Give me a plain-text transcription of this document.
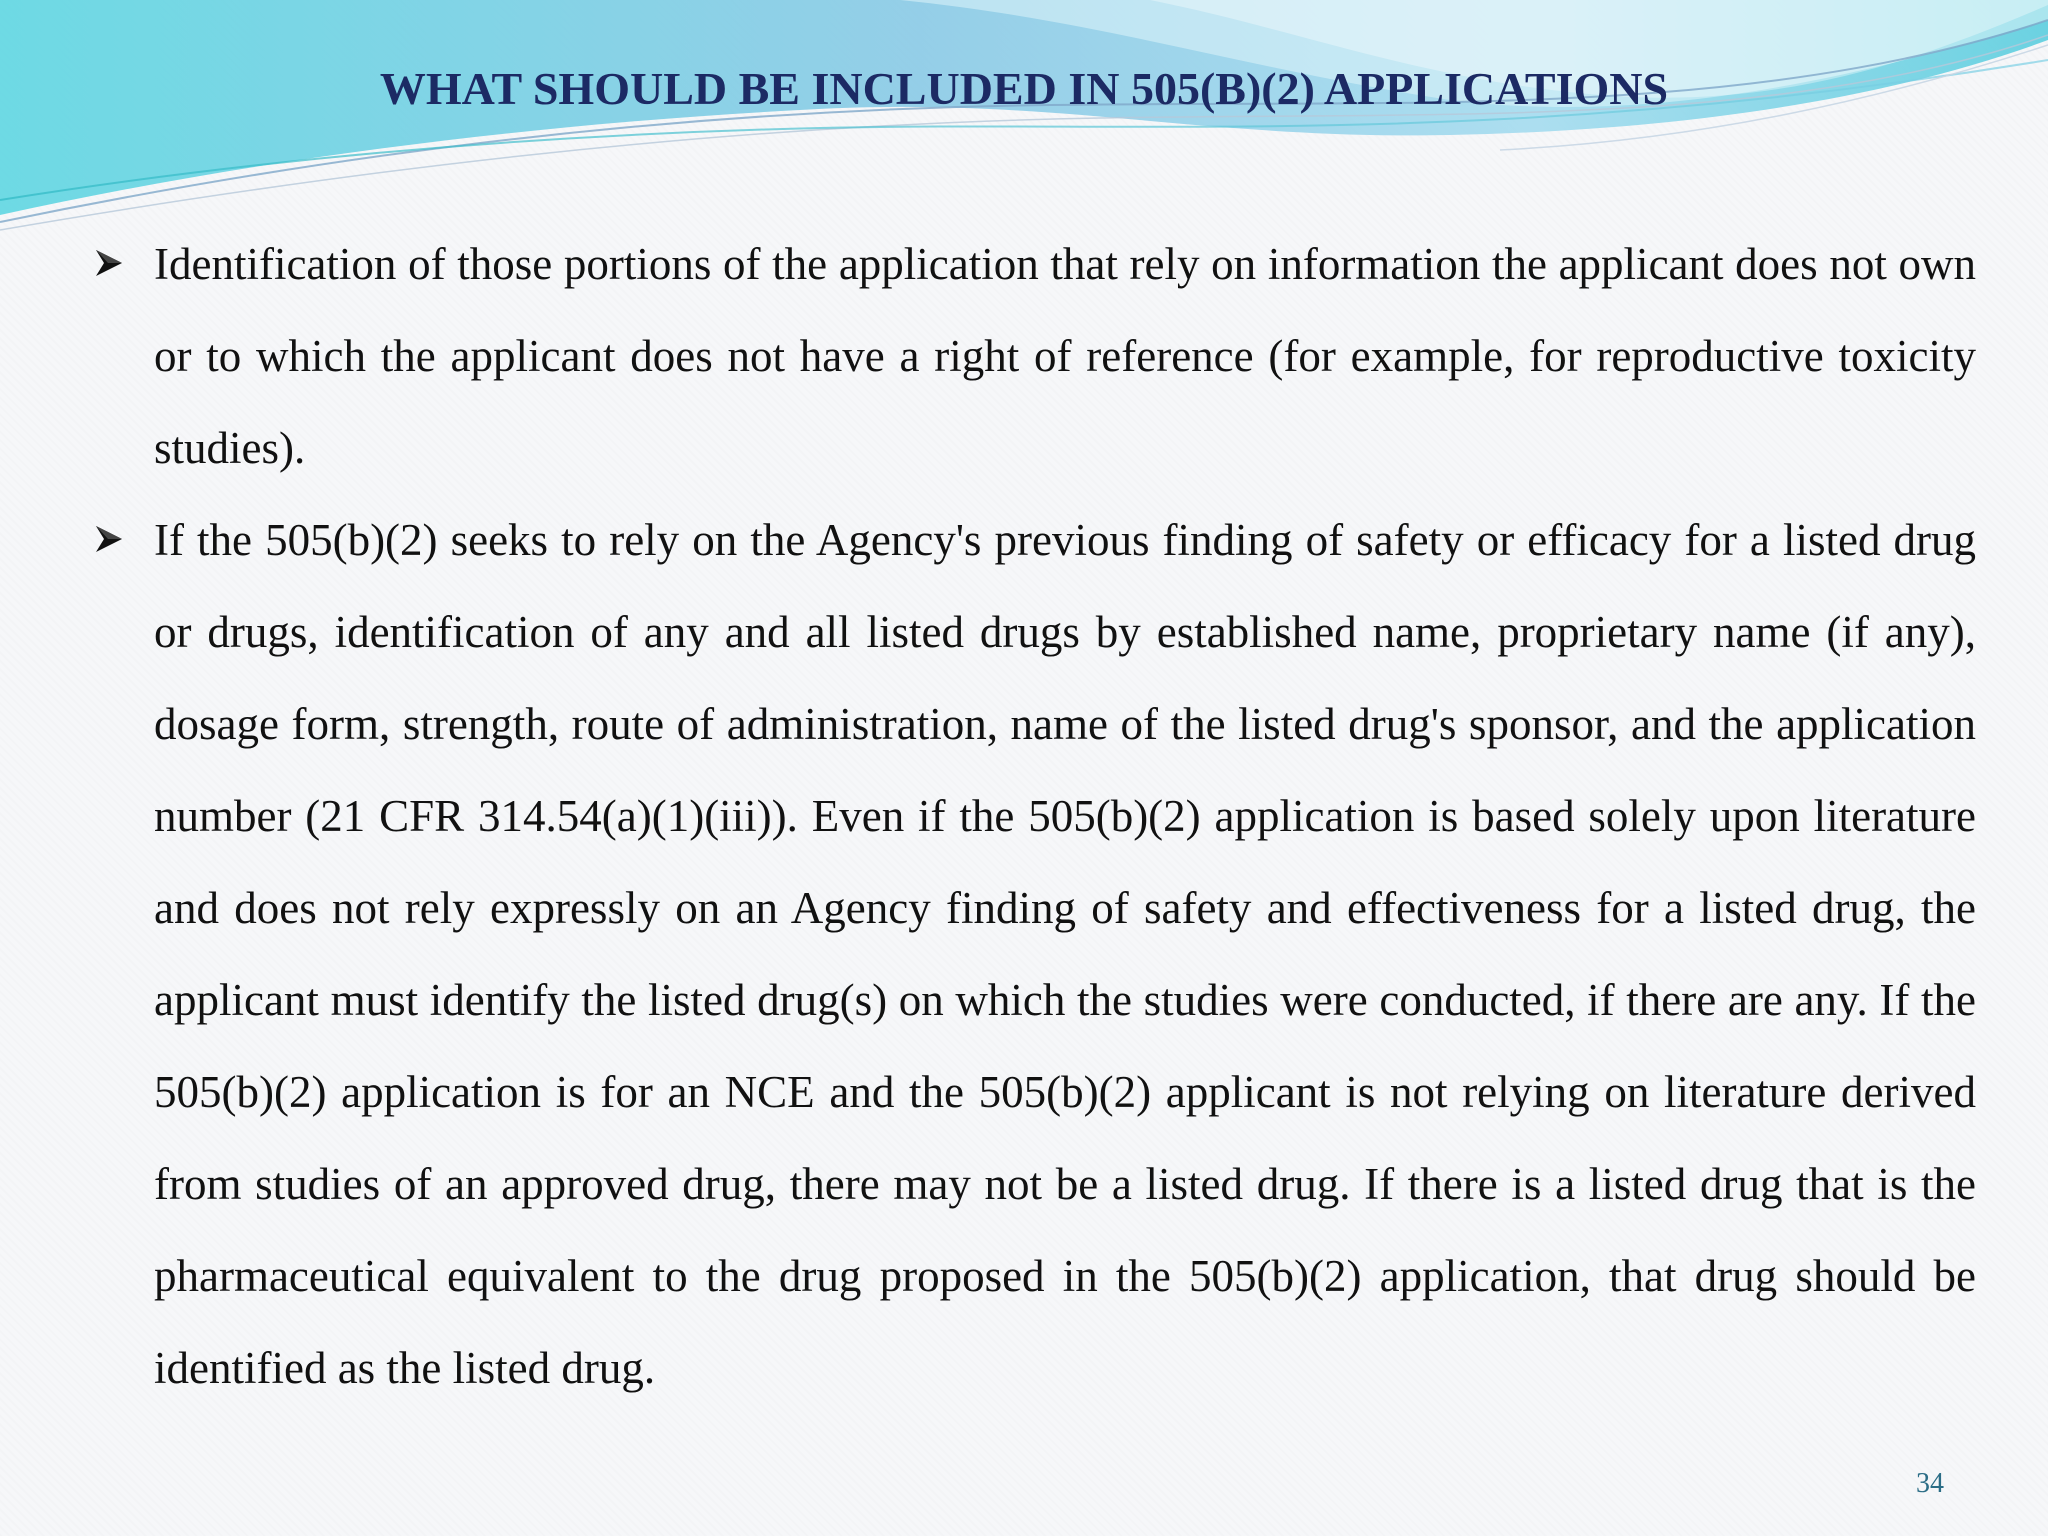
WHAT SHOULD BE INCLUDED IN 505(B)(2) APPLICATIONS
Identification of those portions of the application that rely on information the applicant does not own or to which the applicant does not have a right of reference (for example, for reproductive toxicity studies).
If the 505(b)(2) seeks to rely on the Agency's previous finding of safety or efficacy for a listed drug or drugs, identification of any and all listed drugs by established name, proprietary name (if any), dosage form, strength, route of administration, name of the listed drug's sponsor, and the application number (21 CFR 314.54(a)(1)(iii)). Even if the 505(b)(2) application is based solely upon literature and does not rely expressly on an Agency finding of safety and effectiveness for a listed drug, the applicant must identify the listed drug(s) on which the studies were conducted, if there are any. If the 505(b)(2) application is for an NCE and the 505(b)(2) applicant is not relying on literature derived from studies of an approved drug, there may not be a listed drug. If there is a listed drug that is the pharmaceutical equivalent to the drug proposed in the 505(b)(2) application, that drug should be identified as the listed drug.
34
